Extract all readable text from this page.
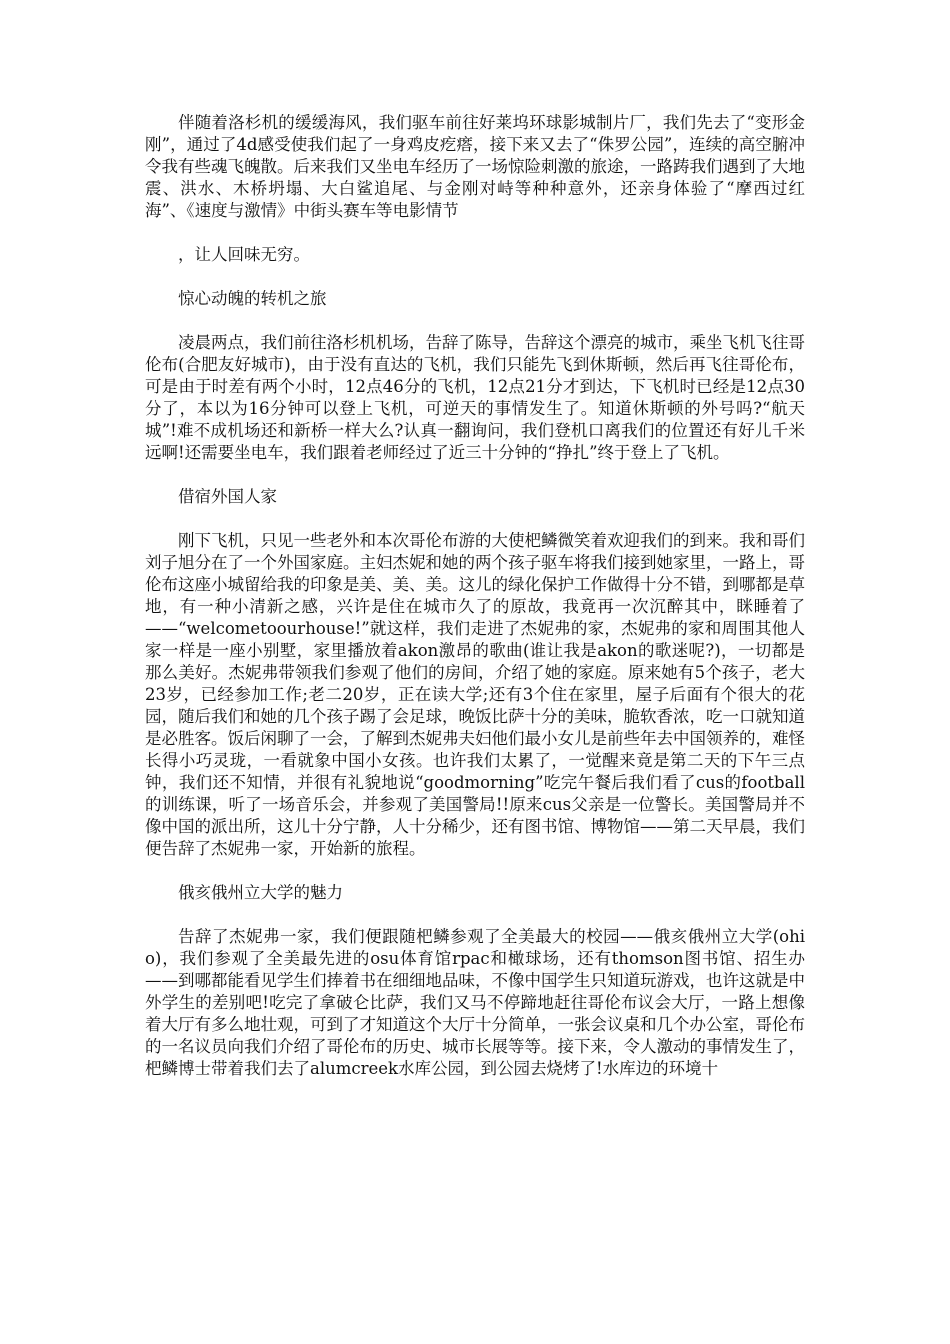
伴随着洛杉机的缓缓海风，我们驱车前往好莱坞环球影城制片厂，我们先去了“变形金刚”，通过了4d感受使我们起了一身鸡皮疙瘩，接下来又去了“侏罗公园”，连续的高空腑冲令我有些魂飞魄散。后来我们又坐电车经历了一场惊险刺激的旅途，一路踌我们遇到了大地震、洪水、木桥坍塌、大白鲨追尾、与金刚对峙等种种意外，还亲身体验了“摩西过红海”、《速度与激情》中街头赛车等电影情节

，让人回味无穷。

惊心动魄的转机之旅

凌晨两点，我们前往洛杉机机场，告辞了陈导，告辞这个漂亮的城市，乘坐飞机飞往哥伦布(合肥友好城市)，由于没有直达的飞机，我们只能先飞到休斯顿，然后再飞往哥伦布，可是由于时差有两个小时，12点46分的飞机，12点21分才到达，下飞机时已经是12点30分了，本以为16分钟可以登上飞机，可逆天的事情发生了。知道休斯顿的外号吗?“航天城”!难不成机场还和新桥一样大么?认真一翻询问，我们登机口离我们的位置还有好儿千米远啊!还需要坐电车，我们跟着老师经过了近三十分钟的“挣扎”终于登上了飞机。

借宿外国人家

刚下飞机，只见一些老外和本次哥伦布游的大使杷鳞微笑着欢迎我们的到来。我和哥们刘子旭分在了一个外国家庭。主妇杰妮和她的两个孩子驱车将我们接到她家里，一路上，哥伦布这座小城留给我的印象是美、美、美。这儿的绿化保护工作做得十分不错，到哪都是草地，有一种小清新之感，兴许是住在城市久了的原故，我竟再一次沉醉其中，眯睡着了——“welcometoourhouse!”就这样，我们走进了杰妮弗的家，杰妮弗的家和周围其他人家一样是一座小别墅，家里播放着akon激昂的歌曲(谁让我是akon的歌迷呢?)，一切都是那么美好。杰妮弗带领我们参观了他们的房间，介绍了她的家庭。原来她有5个孩子，老大23岁，已经参加工作;老二20岁，正在读大学;还有3个住在家里，屋子后面有个很大的花园，随后我们和她的几个孩子踢了会足球，晚饭比萨十分的美味，脆软香浓，吃一口就知道是必胜客。饭后闲聊了一会，了解到杰妮弗夫妇他们最小女儿是前些年去中国领养的，难怪长得小巧灵珑，一看就象中国小女孩。也许我们太累了，一觉醒来竟是第二天的下午三点钟，我们还不知情，并很有礼貌地说“goodmorning”吃完午餐后我们看了cus的football的训练课，听了一场音乐会，并参观了美国警局!!原来cus父亲是一位警长。美国警局并不像中国的派出所，这儿十分宁静，人十分稀少，还有图书馆、博物馆——第二天早晨，我们便告辞了杰妮弗一家，开始新的旅程。

俄亥俄州立大学的魅力

告辞了杰妮弗一家，我们便跟随杷鳞参观了全美最大的校园——俄亥俄州立大学(ohio)，我们参观了全美最先进的osu体育馆rpac和橄球场，还有thomson图书馆、招生办——到哪都能看见学生们捧着书在细细地品味，不像中国学生只知道玩游戏，也许这就是中外学生的差别吧!吃完了拿破仑比萨，我们又马不停蹄地赶往哥伦布议会大厅，一路上想像着大厅有多么地壮观，可到了才知道这个大厅十分简单，一张会议桌和几个办公室，哥伦布的一名议员向我们介绍了哥伦布的历史、城市长展等等。接下来，令人激动的事情发生了，杷鳞博士带着我们去了alumcreek水库公园，到公园去烧烤了!水库边的环境十
